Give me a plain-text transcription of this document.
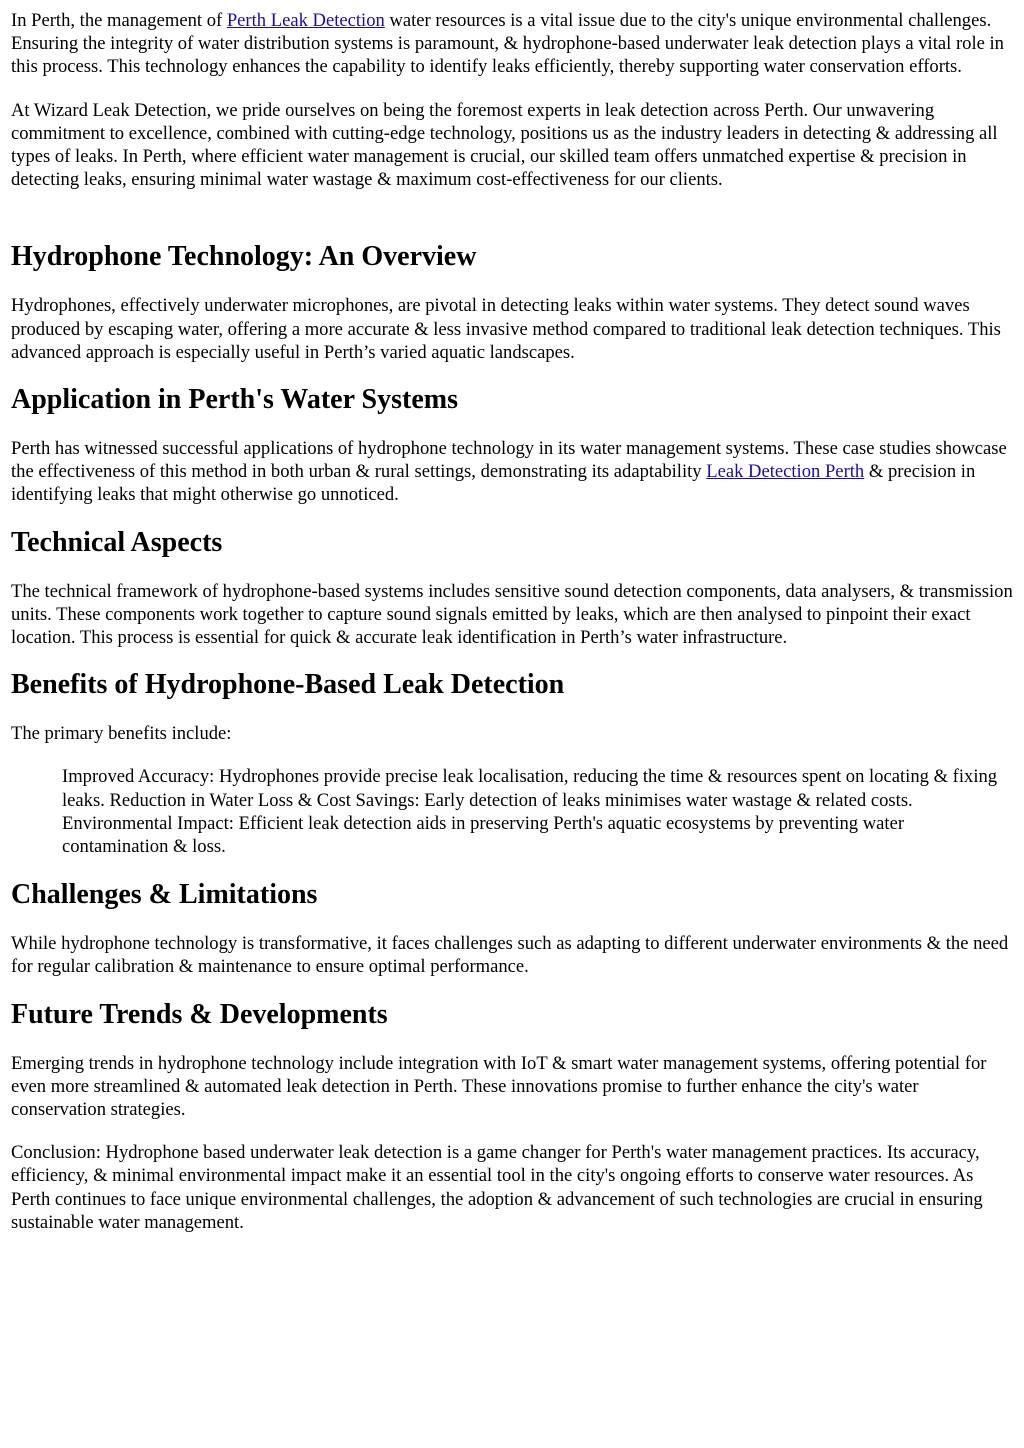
In Perth, the management of Perth Leak Detection water resources is a vital issue due to the city's unique environmental challenges. Ensuring the integrity of water distribution systems is paramount, & hydrophone-based underwater leak detection plays a vital role in this process. This technology enhances the capability to identify leaks efficiently, thereby supporting water conservation efforts.

At Wizard Leak Detection, we pride ourselves on being the foremost experts in leak detection across Perth. Our unwavering commitment to excellence, combined with cutting-edge technology, positions us as the industry leaders in detecting & addressing all types of leaks. In Perth, where efficient water management is crucial, our skilled team offers unmatched expertise & precision in detecting leaks, ensuring minimal water wastage & maximum cost-effectiveness for our clients.

Hydrophone Technology: An Overview

Hydrophones, effectively underwater microphones, are pivotal in detecting leaks within water systems. They detect sound waves produced by escaping water, offering a more accurate & less invasive method compared to traditional leak detection techniques. This advanced approach is especially useful in Perth’s varied aquatic landscapes.

Application in Perth's Water Systems

Perth has witnessed successful applications of hydrophone technology in its water management systems. These case studies showcase the effectiveness of this method in both urban & rural settings, demonstrating its adaptability Leak Detection Perth & precision in identifying leaks that might otherwise go unnoticed.

Technical Aspects

The technical framework of hydrophone-based systems includes sensitive sound detection components, data analysers, & transmission units. These components work together to capture sound signals emitted by leaks, which are then analysed to pinpoint their exact location. This process is essential for quick & accurate leak identification in Perth’s water infrastructure.

Benefits of Hydrophone-Based Leak Detection

The primary benefits include:

Improved Accuracy: Hydrophones provide precise leak localisation, reducing the time & resources spent on locating & fixing leaks. Reduction in Water Loss & Cost Savings: Early detection of leaks minimises water wastage & related costs. Environmental Impact: Efficient leak detection aids in preserving Perth's aquatic ecosystems by preventing water contamination & loss.
Challenges & Limitations

While hydrophone technology is transformative, it faces challenges such as adapting to different underwater environments & the need for regular calibration & maintenance to ensure optimal performance.

Future Trends & Developments

Emerging trends in hydrophone technology include integration with IoT & smart water management systems, offering potential for even more streamlined & automated leak detection in Perth. These innovations promise to further enhance the city's water conservation strategies.

Conclusion: Hydrophone based underwater leak detection is a game changer for Perth's water management practices. Its accuracy, efficiency, & minimal environmental impact make it an essential tool in the city's ongoing efforts to conserve water resources. As Perth continues to face unique environmental challenges, the adoption & advancement of such technologies are crucial in ensuring sustainable water management.
